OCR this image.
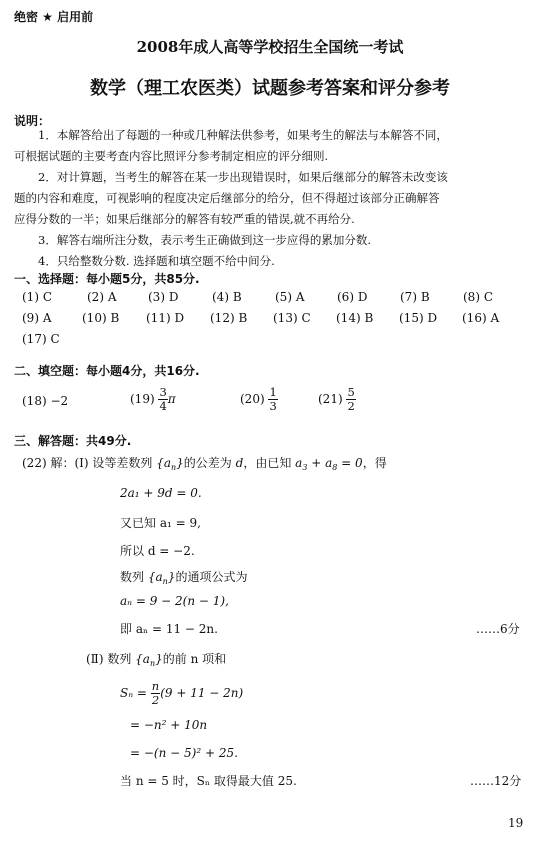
绝密 ★ 启用前
2008年成人高等学校招生全国统一考试
数学（理工农医类）试题参考答案和评分参考
说明：
1．本解答给出了每题的一种或几种解法供参考，如果考生的解法与本解答不同，
可根据试题的主要考查内容比照评分参考制定相应的评分细则.
2．对计算题，当考生的解答在某一步出现错误时，如果后继部分的解答未改变该
题的内容和难度，可视影响的程度决定后继部分的给分，但不得超过该部分正确解答
应得分数的一半；如果后继部分的解答有较严重的错误,就不再给分.
3．解答右端所注分数，表示考生正确做到这一步应得的累加分数.
4．只给整数分数. 选择题和填空题不给中间分.
一、选择题：每小题5分，共85分.
(1) C	(2) A	(3) D	(4) B	(5) A	(6) D	(7) B	(8) C
(9) A	(10) B (11) D (12) B (13) C (14) B (15) D (16) A
(17) C
二、填空题：每小题4分，共16分.
(18) −2	$(19) \frac{3}{4}$ π	$(20) \frac{1}{3}$	$(21) \frac{5}{2}$
三、解答题：共49分.
(22) 解：(Ⅰ) 设等差数列 $\{a_n\}$的公差为 d，由已知 $a_3 + a_8 = 0$，得
2a₁ + 9d = 0.
又已知 a₁ = 9,
所以 d = −2.
数列 $\{a_n\}$的通项公式为
aₙ = 9 − 2(n − 1),
即 aₙ = 11 − 2n.	……6分
(Ⅱ) 数列 $\{a_n\}$的前 n 项和
$S_n = \frac{n}{2} (9 + 11 - 2n)$
= −n² + 10n
= −(n − 5)² + 25.
当 n = 5 时，Sₙ 取得最大值 25.	……12分
19
